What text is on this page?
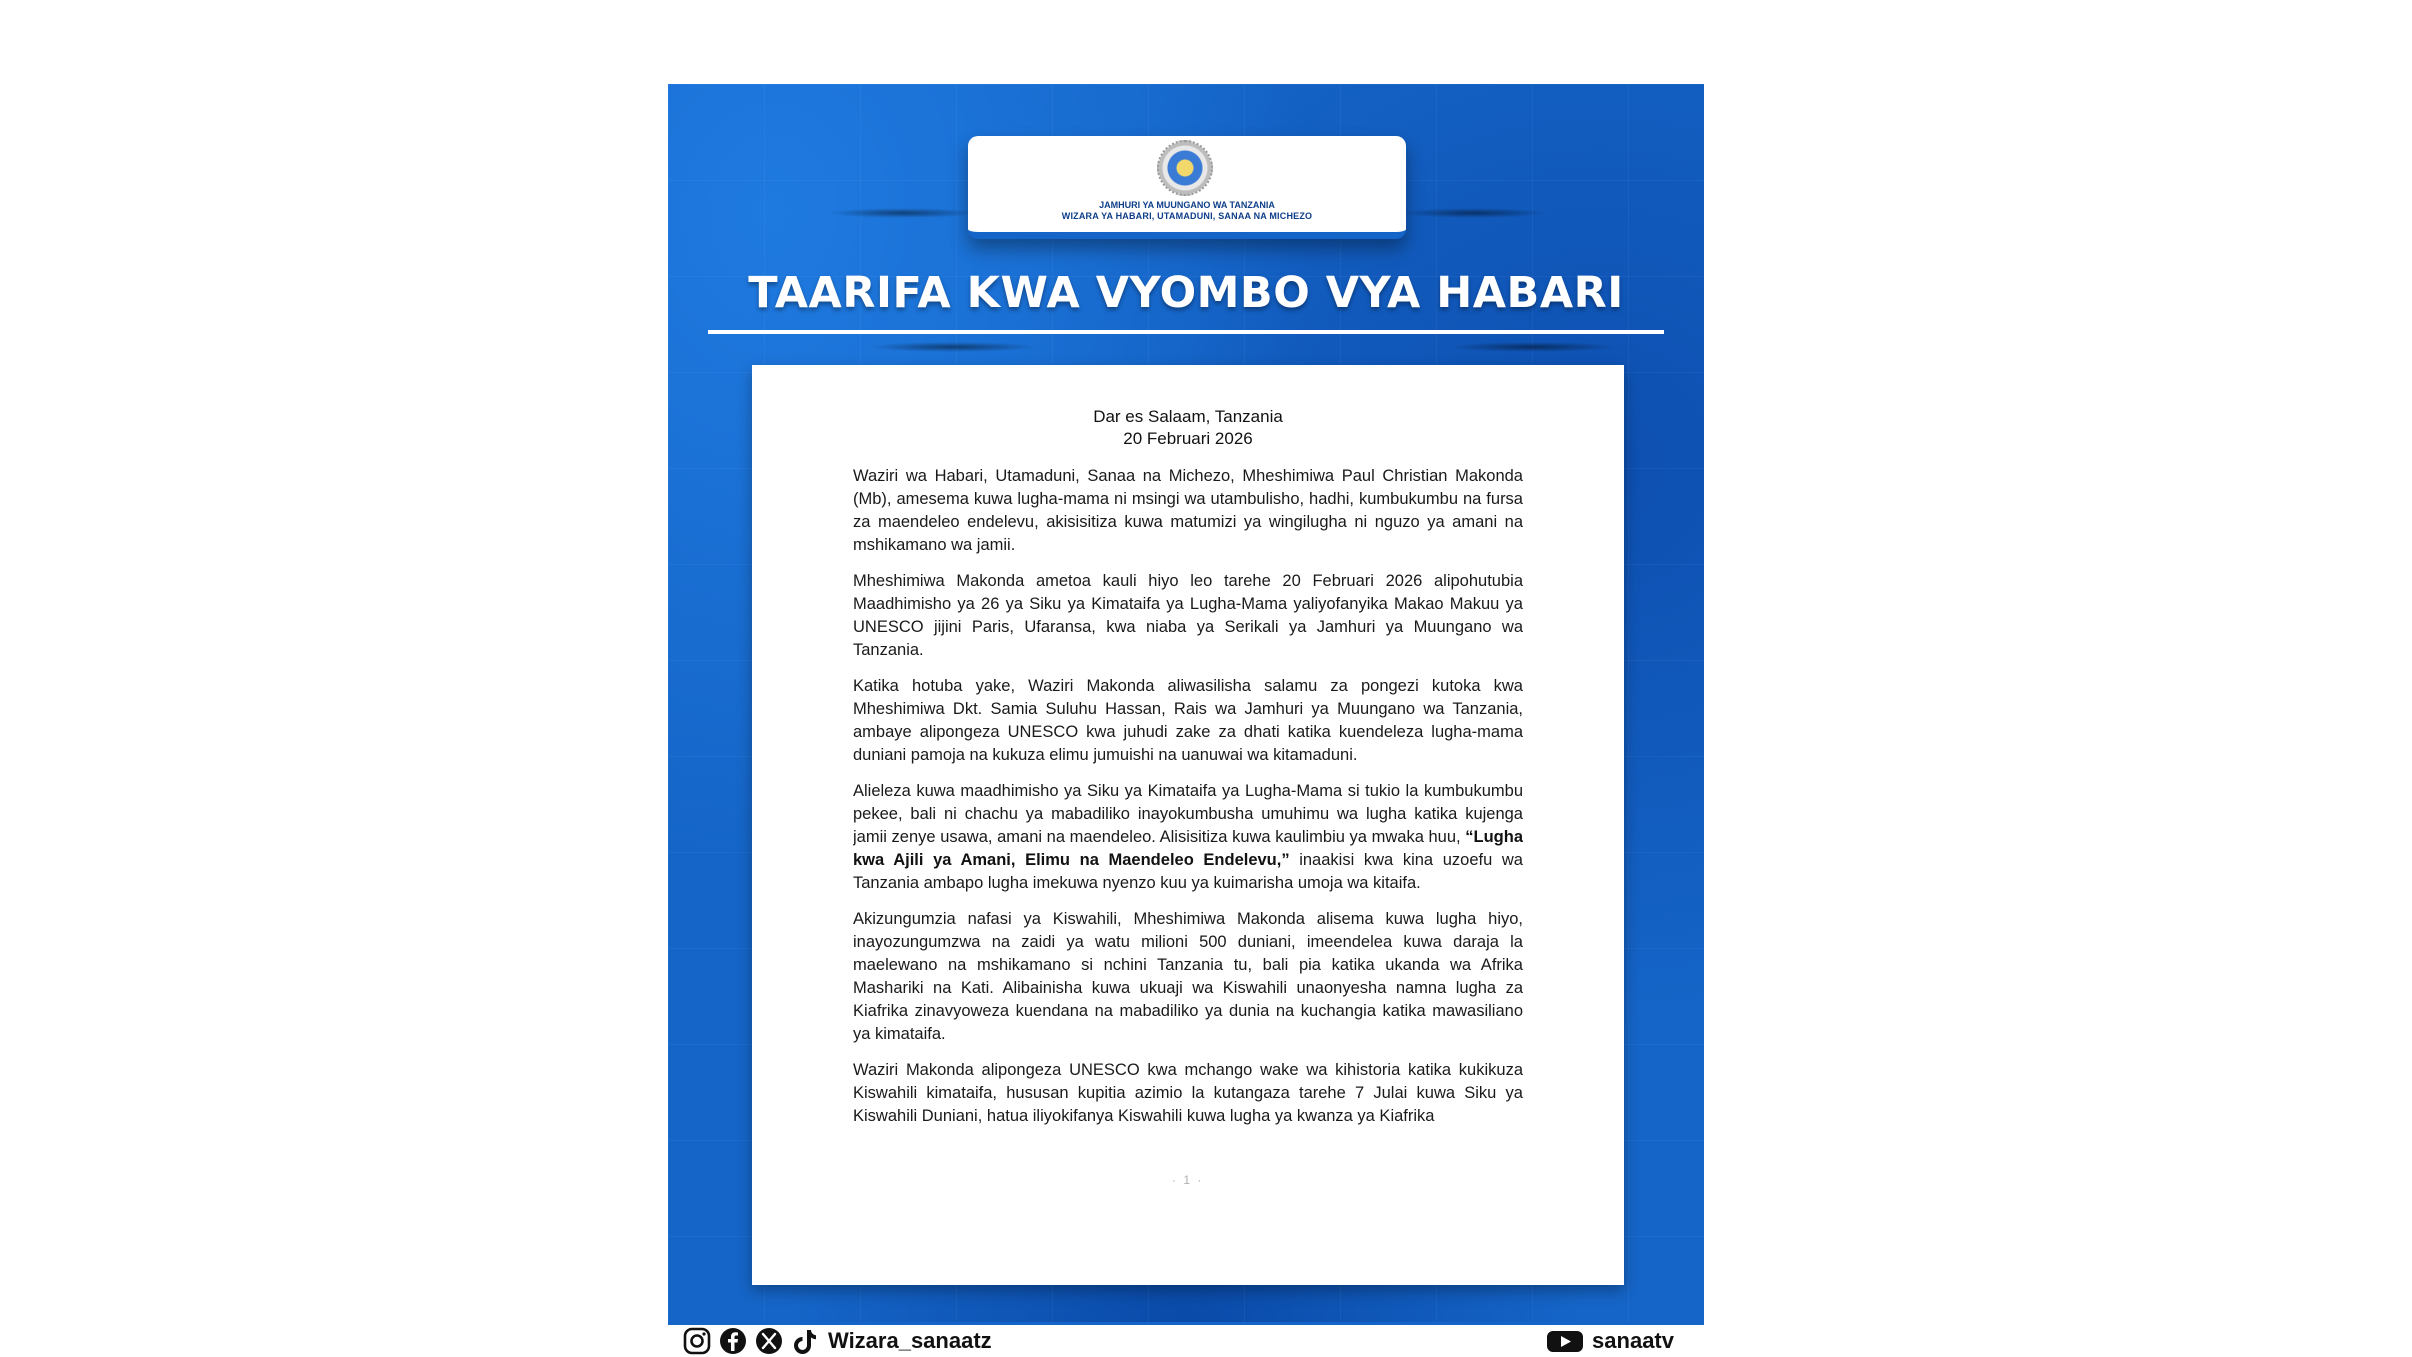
JAMHURI YA MUUNGANO WA TANZANIA
WIZARA YA HABARI, UTAMADUNI, SANAA NA MICHEZO
TAARIFA KWA VYOMBO VYA HABARI
Dar es Salaam, Tanzania
20 Februari 2026

Waziri wa Habari, Utamaduni, Sanaa na Michezo, Mheshimiwa Paul Christian Makonda (Mb), amesema kuwa lugha-mama ni msingi wa utambulisho, hadhi, kumbukumbu na fursa za maendeleo endelevu, akisisitiza kuwa matumizi ya wingilugha ni nguzo ya amani na mshikamano wa jamii.

Mheshimiwa Makonda ametoa kauli hiyo leo tarehe 20 Februari 2026 alipohutubia Maadhimisho ya 26 ya Siku ya Kimataifa ya Lugha-Mama yaliyofanyika Makao Makuu ya UNESCO jijini Paris, Ufaransa, kwa niaba ya Serikali ya Jamhuri ya Muungano wa Tanzania.

Katika hotuba yake, Waziri Makonda aliwasilisha salamu za pongezi kutoka kwa Mheshimiwa Dkt. Samia Suluhu Hassan, Rais wa Jamhuri ya Muungano wa Tanzania, ambaye alipongeza UNESCO kwa juhudi zake za dhati katika kuendeleza lugha-mama duniani pamoja na kukuza elimu jumuishi na uanuwai wa kitamaduni.

Alieleza kuwa maadhimisho ya Siku ya Kimataifa ya Lugha-Mama si tukio la kumbukumbu pekee, bali ni chachu ya mabadiliko inayokumbusha umuhimu wa lugha katika kujenga jamii zenye usawa, amani na maendeleo. Alisisitiza kuwa kaulimbiu ya mwaka huu, “Lugha kwa Ajili ya Amani, Elimu na Maendeleo Endelevu,” inaakisi kwa kina uzoefu wa Tanzania ambapo lugha imekuwa nyenzo kuu ya kuimarisha umoja wa kitaifa.

Akizungumzia nafasi ya Kiswahili, Mheshimiwa Makonda alisema kuwa lugha hiyo, inayozungumzwa na zaidi ya watu milioni 500 duniani, imeendelea kuwa daraja la maelewano na mshikamano si nchini Tanzania tu, bali pia katika ukanda wa Afrika Mashariki na Kati. Alibainisha kuwa ukuaji wa Kiswahili unaonyesha namna lugha za Kiafrika zinavyoweza kuendana na mabadiliko ya dunia na kuchangia katika mawasiliano ya kimataifa.

Waziri Makonda alipongeza UNESCO kwa mchango wake wa kihistoria katika kukikuza Kiswahili kimataifa, hususan kupitia azimio la kutangaza tarehe 7 Julai kuwa Siku ya Kiswahili Duniani, hatua iliyokifanya Kiswahili kuwa lugha ya kwanza ya Kiafrika

· 1 ·
Wizara_sanaatz	sanaatv
